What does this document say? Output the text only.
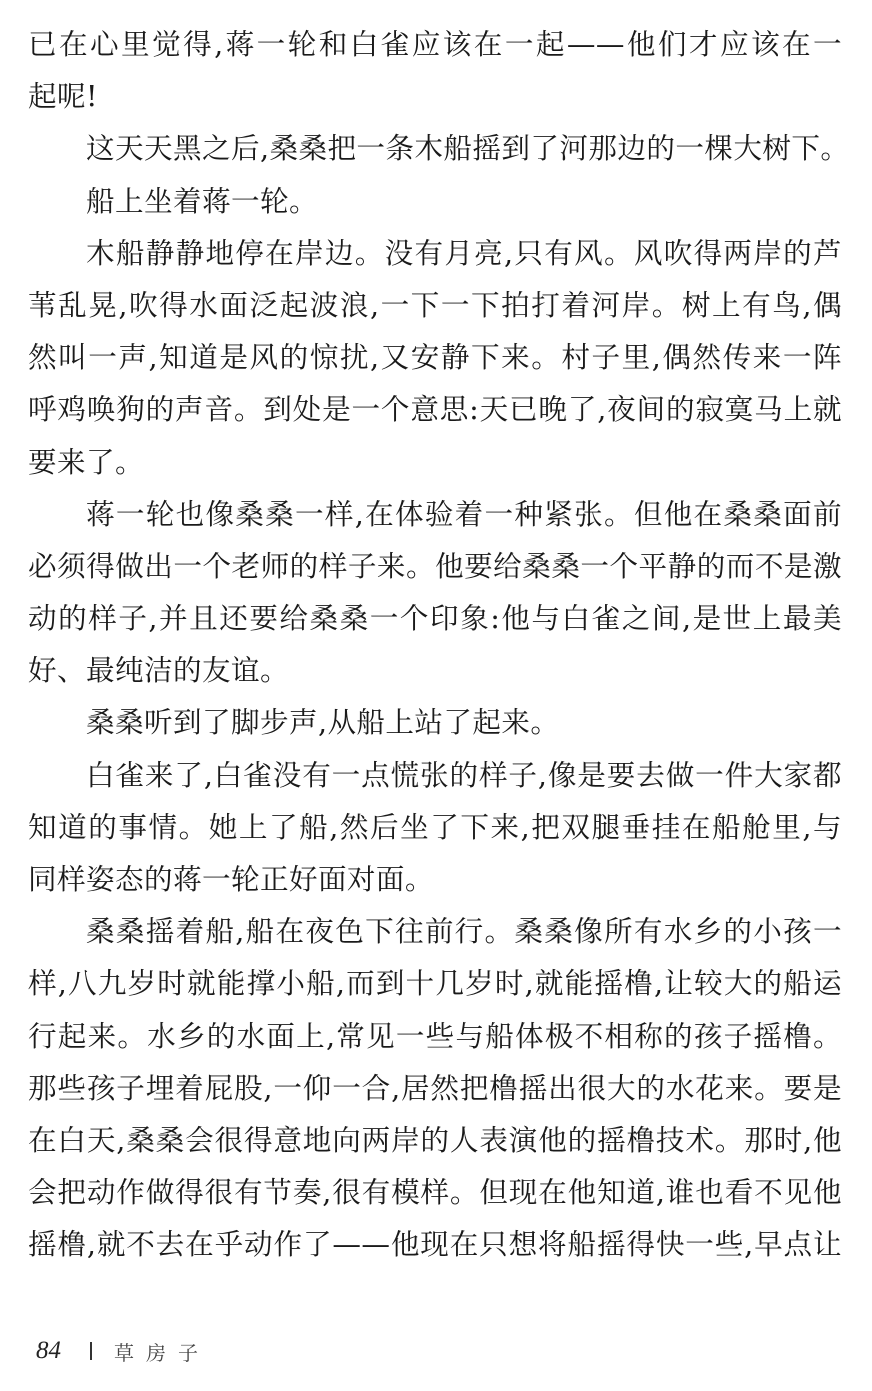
已在心里觉得,蒋一轮和白雀应该在一起——他们才应该在一
起呢!
这天天黑之后,桑桑把一条木船摇到了河那边的一棵大树下。
船上坐着蒋一轮。
木船静静地停在岸边。没有月亮,只有风。风吹得两岸的芦
苇乱晃,吹得水面泛起波浪,一下一下拍打着河岸。树上有鸟,偶
然叫一声,知道是风的惊扰,又安静下来。村子里,偶然传来一阵
呼鸡唤狗的声音。到处是一个意思:天已晚了,夜间的寂寞马上就
要来了。
蒋一轮也像桑桑一样,在体验着一种紧张。但他在桑桑面前
必须得做出一个老师的样子来。他要给桑桑一个平静的而不是激
动的样子,并且还要给桑桑一个印象:他与白雀之间,是世上最美
好、最纯洁的友谊。
桑桑听到了脚步声,从船上站了起来。
白雀来了,白雀没有一点慌张的样子,像是要去做一件大家都
知道的事情。她上了船,然后坐了下来,把双腿垂挂在船舱里,与
同样姿态的蒋一轮正好面对面。
桑桑摇着船,船在夜色下往前行。桑桑像所有水乡的小孩一
样,八九岁时就能撑小船,而到十几岁时,就能摇橹,让较大的船运
行起来。水乡的水面上,常见一些与船体极不相称的孩子摇橹。
那些孩子埋着屁股,一仰一合,居然把橹摇出很大的水花来。要是
在白天,桑桑会很得意地向两岸的人表演他的摇橹技术。那时,他
会把动作做得很有节奏,很有模样。但现在他知道,谁也看不见他
摇橹,就不去在乎动作了——他现在只想将船摇得快一些,早点让
84	草房子
